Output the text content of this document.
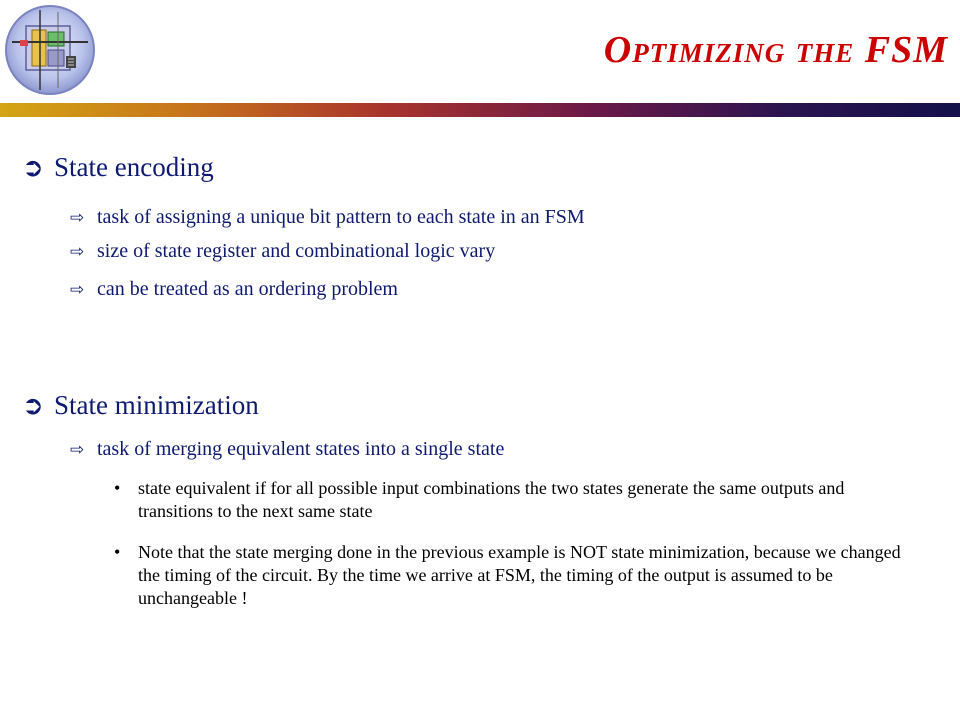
Optimizing the FSM
➲ State encoding
⇨ task of assigning a unique bit pattern to each state in an FSM
⇨ size of state register and combinational logic vary
⇨ can be treated as an ordering problem
➲ State minimization
⇨ task of merging equivalent states into a single state
• state equivalent if for all possible input combinations the two states generate the same outputs and transitions to the next same state
• Note that the state merging done in the previous example is NOT state minimization, because we changed the timing of the circuit. By the time we arrive at FSM, the timing of the output is assumed to be unchangeable !
